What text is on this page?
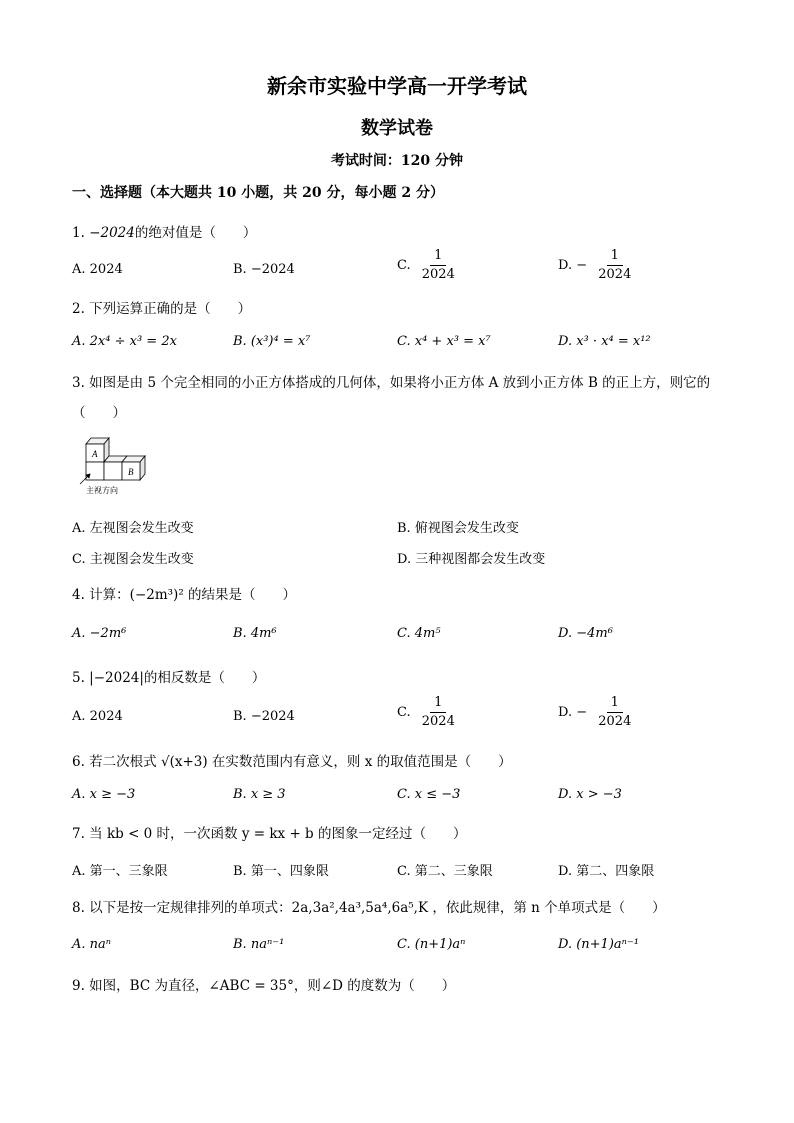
新余市实验中学高一开学考试
数学试卷
考试时间：120 分钟
一、选择题（本大题共 10 小题，共 20 分，每小题 2 分）
1. −2024的绝对值是（　　）
A. 2024	B. −2024	C. $\frac{1}{2024}$	D. − $\frac{1}{2024}$
2. 下列运算正确的是（　　）
A. 2x⁴ ÷ x³ = 2x	B. (x³)⁴ = x⁷	C. x⁴ + x³ = x⁷	D. x³ · x⁴ = x¹²
3. 如图是由 5 个完全相同的小正方体搭成的几何体，如果将小正方体 A 放到小正方体 B 的正上方，则它的
（　　）
A
B
主视方向
A. 左视图会发生改变	B. 俯视图会发生改变
C. 主视图会发生改变	D. 三种视图都会发生改变
4. 计算：(−2m³)² 的结果是（　　）
A. −2m⁶	B. 4m⁶	C. 4m⁵	D. −4m⁶
5. |−2024|的相反数是（　　）
A. 2024	B. −2024	C. $\frac{1}{2024}$	D. − $\frac{1}{2024}$
6. 若二次根式 √(x+3) 在实数范围内有意义，则 x 的取值范围是（　　）
A. x ≥ −3	B. x ≥ 3	C. x ≤ −3	D. x > −3
7. 当 kb < 0 时，一次函数 y = kx + b 的图象一定经过（　　）
A. 第一、三象限	B. 第一、四象限	C. 第二、三象限	D. 第二、四象限
8. 以下是按一定规律排列的单项式：2a,3a²,4a³,5a⁴,6a⁵,K ，依此规律，第 n 个单项式是（　　）
A. naⁿ	B. naⁿ⁻¹	C. (n+1)aⁿ	D. (n+1)aⁿ⁻¹
9. 如图，BC 为直径，∠ABC = 35°，则∠D 的度数为（　　）
